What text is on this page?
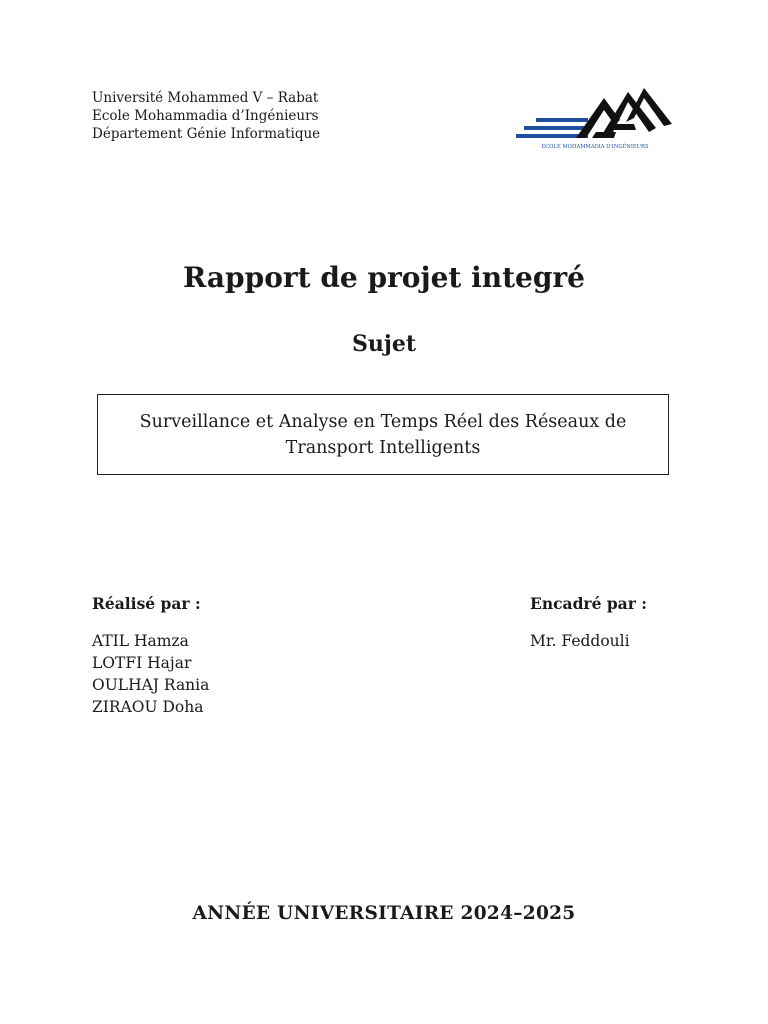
Université Mohammed V – Rabat
Ecole Mohammadia d’Ingénieurs
Département Génie Informatique
ECOLE MOHAMMADIA D'INGÉNIEURS
Rapport de projet integré
Sujet
Surveillance et Analyse en Temps Réel des Réseaux de Transport Intelligents
Réalisé par :	Encadré par :
ATIL Hamza
LOTFI Hajar
OULHAJ Rania
ZIRAOU Doha
Mr. Feddouli
ANNÉE UNIVERSITAIRE 2024–2025
